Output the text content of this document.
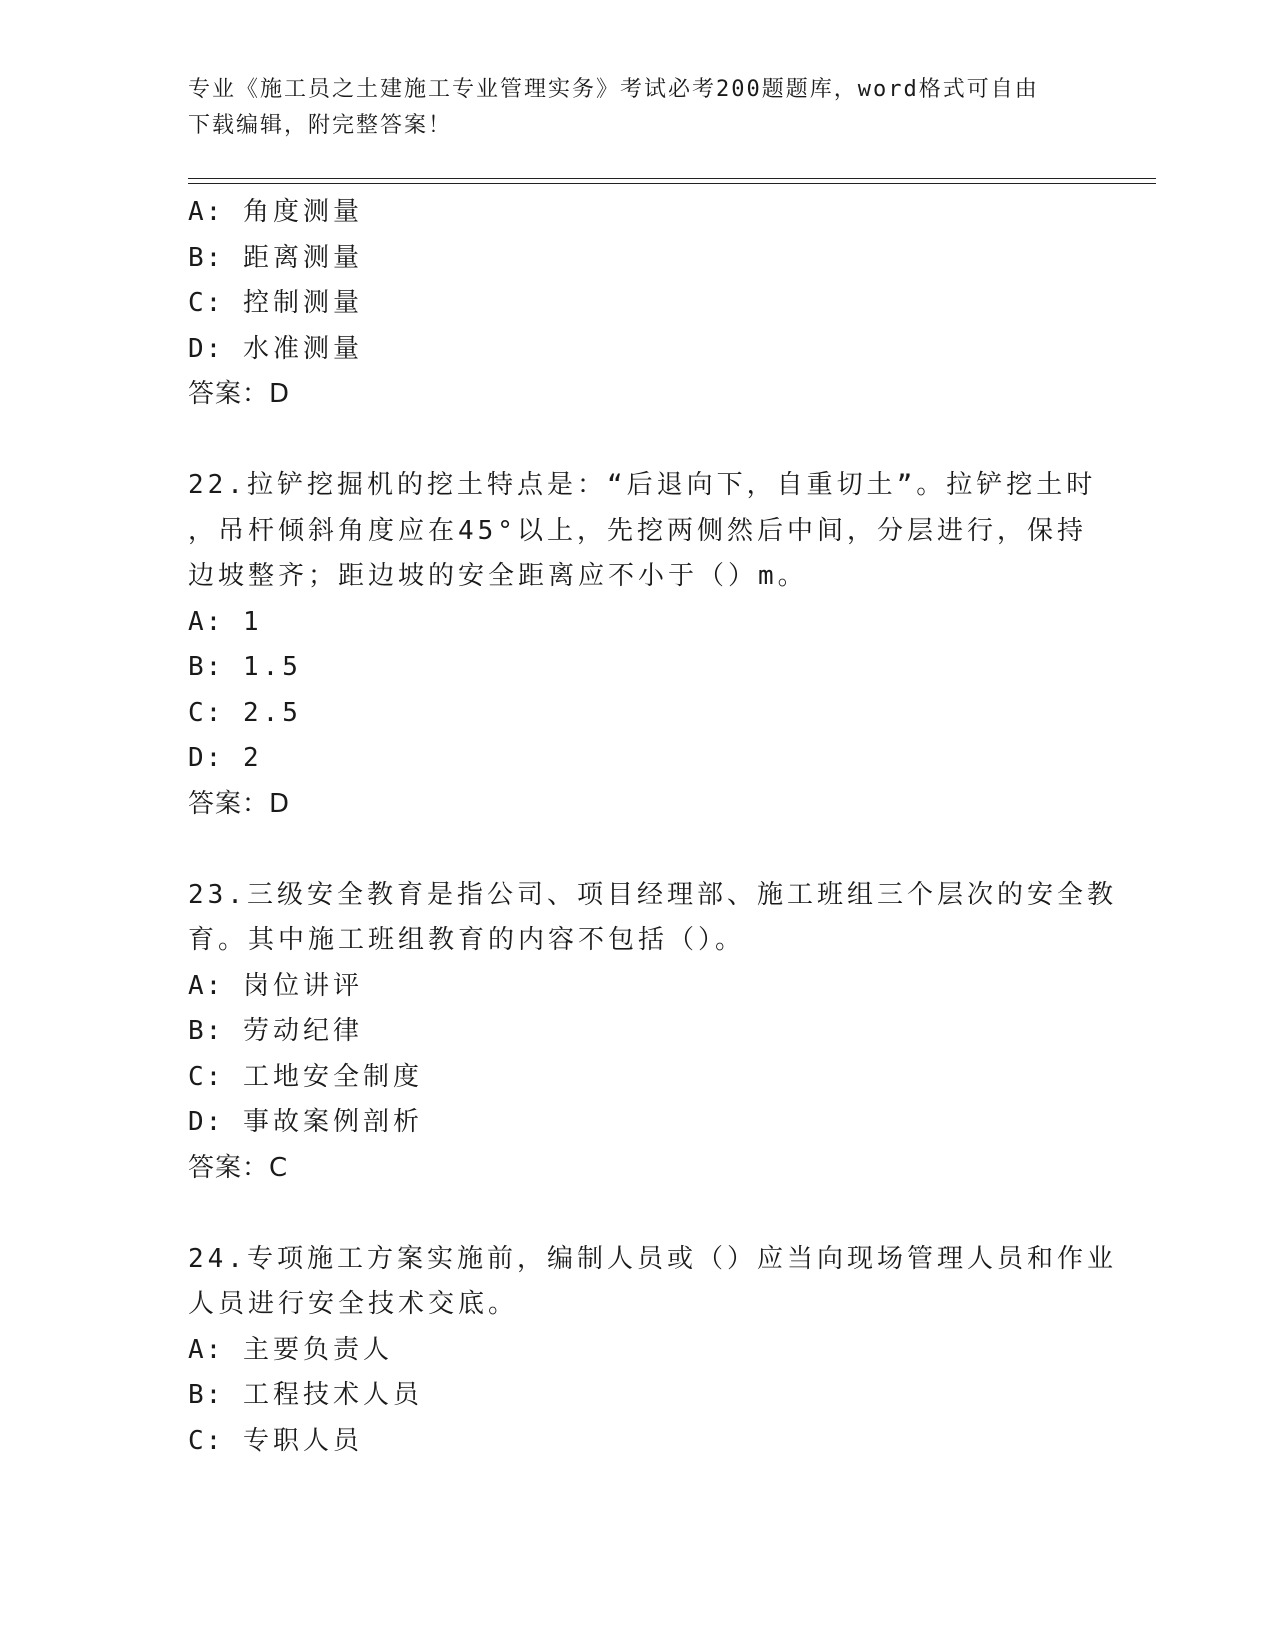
专业《施工员之土建施工专业管理实务》考试必考200题题库，word格式可自由
下载编辑，附完整答案！
A: 角度测量
B: 距离测量
C: 控制测量
D: 水准测量
答案：D
22.拉铲挖掘机的挖土特点是：“后退向下，自重切土”。拉铲挖土时
，吊杆倾斜角度应在45°以上，先挖两侧然后中间，分层进行，保持
边坡整齐；距边坡的安全距离应不小于（）m。
A: 1
B: 1.5
C: 2.5
D: 2
答案：D
23.三级安全教育是指公司、项目经理部、施工班组三个层次的安全教
育。其中施工班组教育的内容不包括（）。
A: 岗位讲评
B: 劳动纪律
C: 工地安全制度
D: 事故案例剖析
答案：C
24.专项施工方案实施前，编制人员或（）应当向现场管理人员和作业
人员进行安全技术交底。
A: 主要负责人
B: 工程技术人员
C: 专职人员
